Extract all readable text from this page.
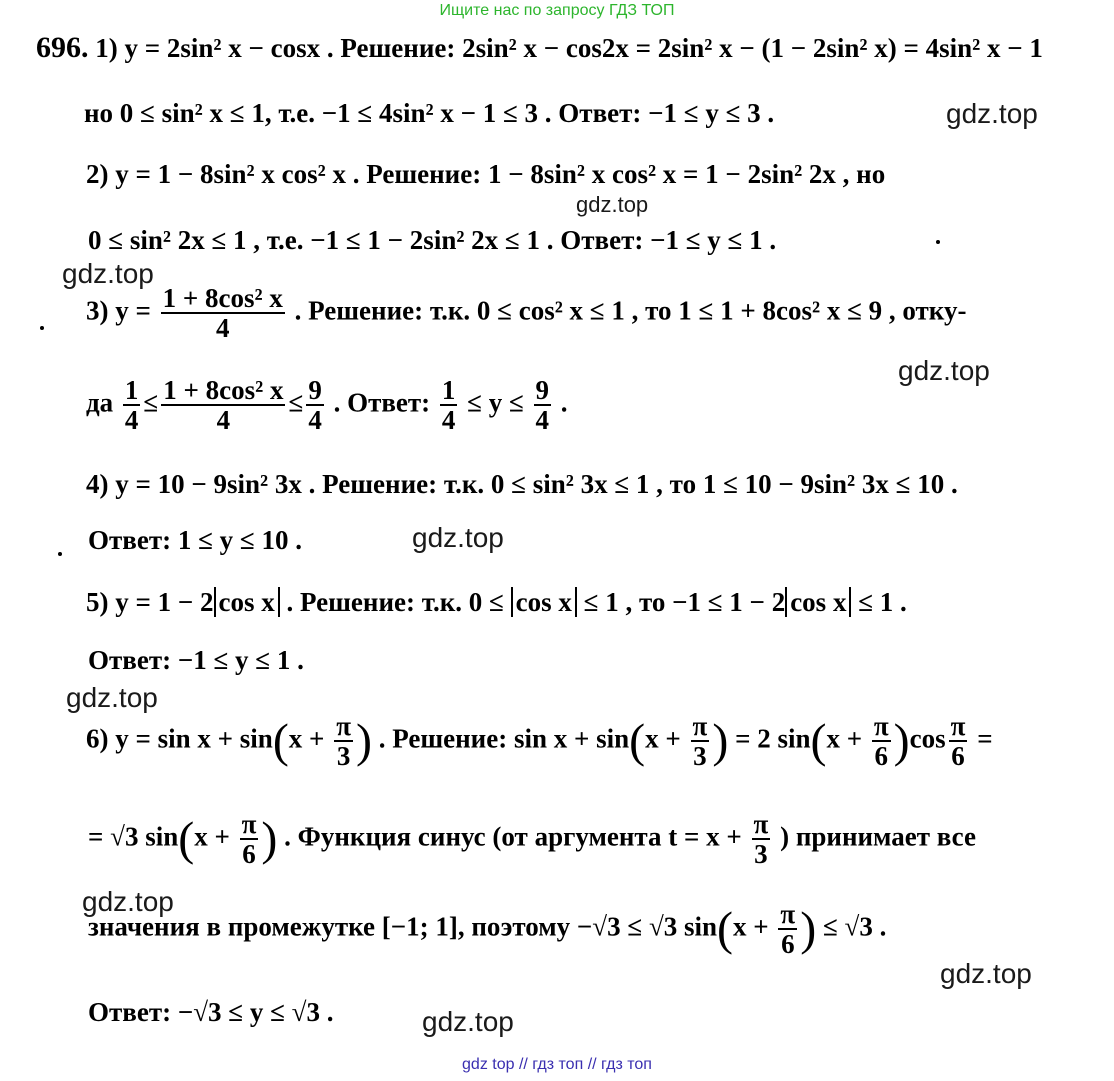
Ищите нас по запросу ГДЗ ТОП
gdz.top
gdz.top
gdz.top
gdz.top
gdz.top
gdz.top
gdz.top
gdz.top
gdz.top
696. 1) y = 2sin² x − cosx . Решение: 2sin² x − cos2x = 2sin² x − (1 − 2sin² x) = 4sin² x − 1
но 0 ≤ sin² x ≤ 1, т.е. −1 ≤ 4sin² x − 1 ≤ 3 . Ответ: −1 ≤ y ≤ 3 .
2) y = 1 − 8sin² x cos² x . Решение: 1 − 8sin² x cos² x = 1 − 2sin² 2x , но
0 ≤ sin² 2x ≤ 1 , т.е. −1 ≤ 1 − 2sin² 2x ≤ 1 . Ответ: −1 ≤ y ≤ 1 .
3) $y = \frac{\text{1 + 8cos² x}}{4}$ . Решение: т.к. 0 ≤ cos² x ≤ 1 , то 1 ≤ 1 + 8cos² x ≤ 9 , отку-
да $\frac{1}{4} \le \frac{\text{1 + 8cos² x}}{4} \le \frac{9}{4}$ . Ответ: $\frac{1}{4} \le y \le \frac{9}{4}$ .
4) y = 10 − 9sin² 3x . Решение: т.к. 0 ≤ sin² 3x ≤ 1 , то 1 ≤ 10 − 9sin² 3x ≤ 10 .
Ответ: 1 ≤ y ≤ 10 .
5) y = 1 − 2 cos x . Решение: т.к. 0 ≤ cos x ≤ 1 , то −1 ≤ 1 − 2 cos x ≤ 1 .
Ответ: −1 ≤ y ≤ 1 .
6) $y = \sin x + \sin(x + \frac{\pi}{3}$ ) . Решение: $\sin x + \sin(x + \frac{\pi}{3}$ ) = 2 $\sin(x + \frac{\pi}{6} )\cos \frac{\pi}{6}$ =
= √3 $\sin(x + \frac{\pi}{6}$ ) . Функция синус (от аргумента $t = x + \frac{\pi}{3}$ ) принимает все
значения в промежутке [−1; 1], поэтому −√3 ≤ √3 $\sin(x + \frac{\pi}{6}$ ) ≤ √3 .
Ответ: −√3 ≤ y ≤ √3 .
gdz top // гдз топ // гдз топ
